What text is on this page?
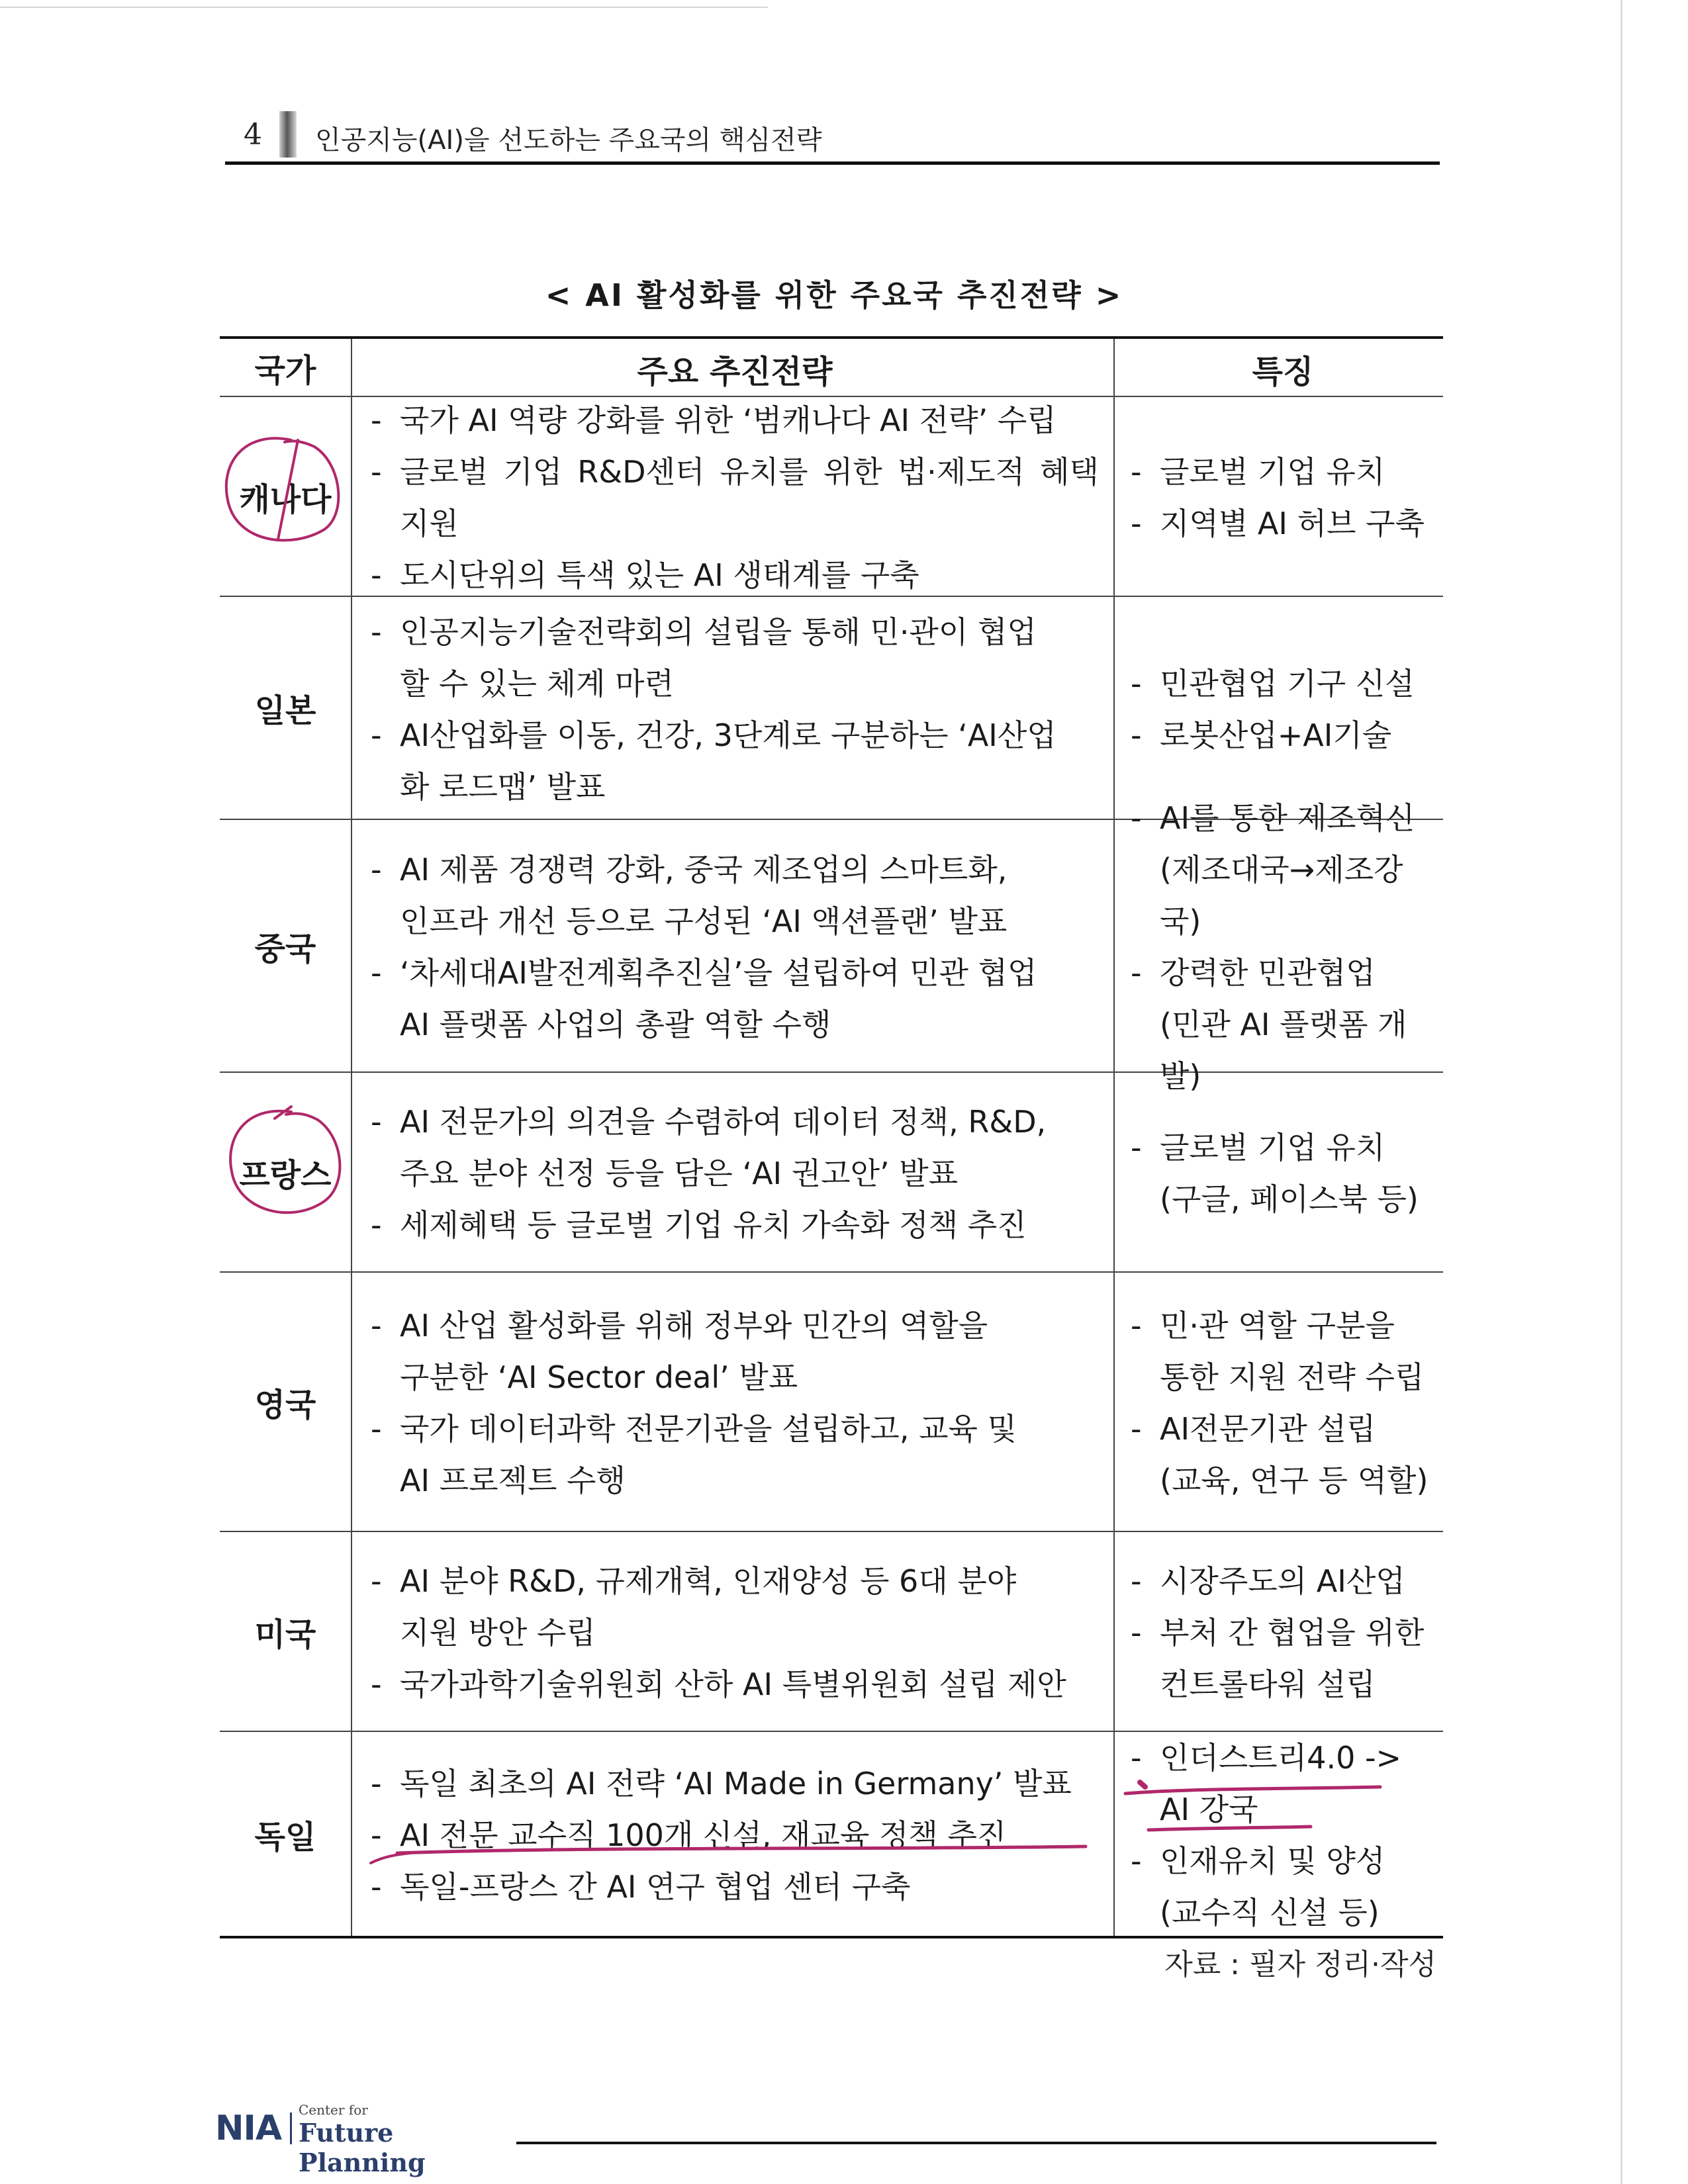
4 인공지능(AI)을 선도하는 주요국의 핵심전략
< AI 활성화를 위한 주요국 추진전략 >
국가	주요 추진전략	특징
캐나다
- 국가 AI 역량 강화를 위한 ‘범캐나다 AI 전략’ 수립
- 글로벌 기업 R&D센터 유치를 위한 법·제도적 혜택 지원
- 도시단위의 특색 있는 AI 생태계를 구축
- 글로벌 기업 유치
- 지역별 AI 허브 구축
일본
- 인공지능기술전략회의 설립을 통해 민·관이 협업
할 수 있는 체계 마련
- AI산업화를 이동, 건강, 3단계로 구분하는 ‘AI산업
화 로드맵’ 발표
- 민관협업 기구 신설
- 로봇산업+AI기술
중국
- AI 제품 경쟁력 강화, 중국 제조업의 스마트화,
인프라 개선 등으로 구성된 ‘AI 액션플랜’ 발표
- ‘차세대AI발전계획추진실’을 설립하여 민관 협업
AI 플랫폼 사업의 총괄 역할 수행
- AI를 통한 제조혁신
(제조대국→제조강국)
- 강력한 민관협업
(민관 AI 플랫폼 개발)
프랑스
- AI 전문가의 의견을 수렴하여 데이터 정책, R&D,
주요 분야 선정 등을 담은 ‘AI 권고안’ 발표
- 세제혜택 등 글로벌 기업 유치 가속화 정책 추진
- 글로벌 기업 유치
(구글, 페이스북 등)
영국
- AI 산업 활성화를 위해 정부와 민간의 역할을
구분한 ‘AI Sector deal’ 발표
- 국가 데이터과학 전문기관을 설립하고, 교육 및
AI 프로젝트 수행
- 민·관 역할 구분을
통한 지원 전략 수립
- AI전문기관 설립
(교육, 연구 등 역할)
미국
- AI 분야 R&D, 규제개혁, 인재양성 등 6대 분야
지원 방안 수립
- 국가과학기술위원회 산하 AI 특별위원회 설립 제안
- 시장주도의 AI산업
- 부처 간 협업을 위한
컨트롤타워 설립
독일
- 독일 최초의 AI 전략 ‘AI Made in Germany’ 발표
- AI 전문 교수직 100개 신설, 재교육 정책 추진
- 독일-프랑스 간 AI 연구 협업 센터 구축
- 인더스트리4.0 ->
AI 강국
- 인재유치 및 양성
(교수직 신설 등)
자료 : 필자 정리·작성
NIA Center for
Future Planning
